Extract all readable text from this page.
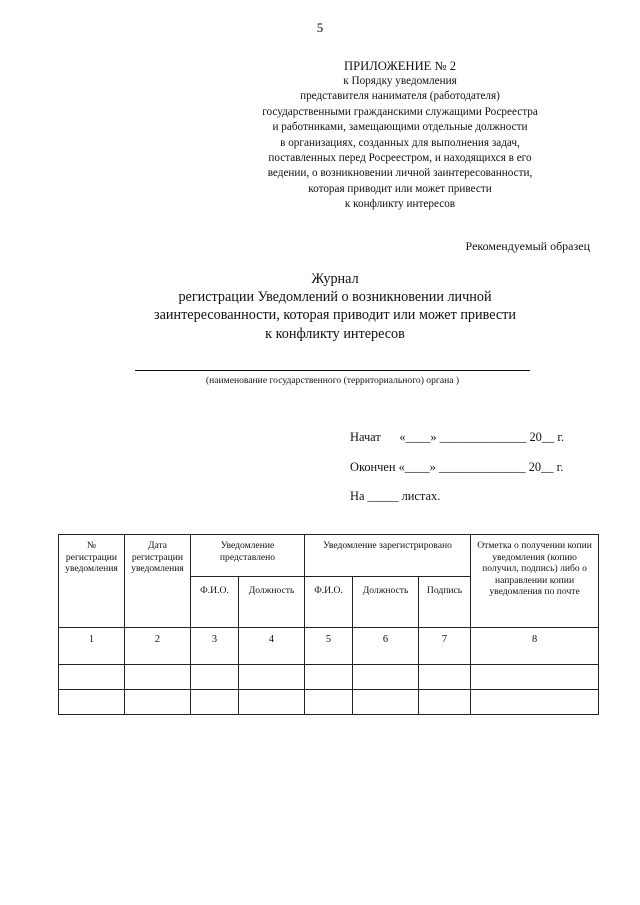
5
ПРИЛОЖЕНИЕ № 2
к Порядку уведомления
представителя нанимателя (работодателя)
государственными гражданскими служащими Росреестра
и работниками, замещающими отдельные должности
в организациях, созданных для выполнения задач,
поставленных перед Росреестром, и находящихся в его
ведении, о возникновении личной заинтересованности,
которая приводит или может привести
к конфликту интересов
Рекомендуемый образец
Журнал
регистрации Уведомлений о возникновении личной
заинтересованности, которая приводит или может привести
к конфликту интересов
(наименование государственного (территориального) органа )
Начат      «____» ______________ 20__ г.
Окончен «____» ______________ 20__ г.
На _____ листах.
№ регистрации уведомления	Дата регистрации уведомления	Уведомление представлено		Уведомление зарегистрировано			Отметка о получении копии уведомления (копию получил, подпись) либо о направлении копии уведомления по почте
		Ф.И.О.	Должность	Ф.И.О.	Должность	Подпись	
1	2	3	4	5	6	7	8
